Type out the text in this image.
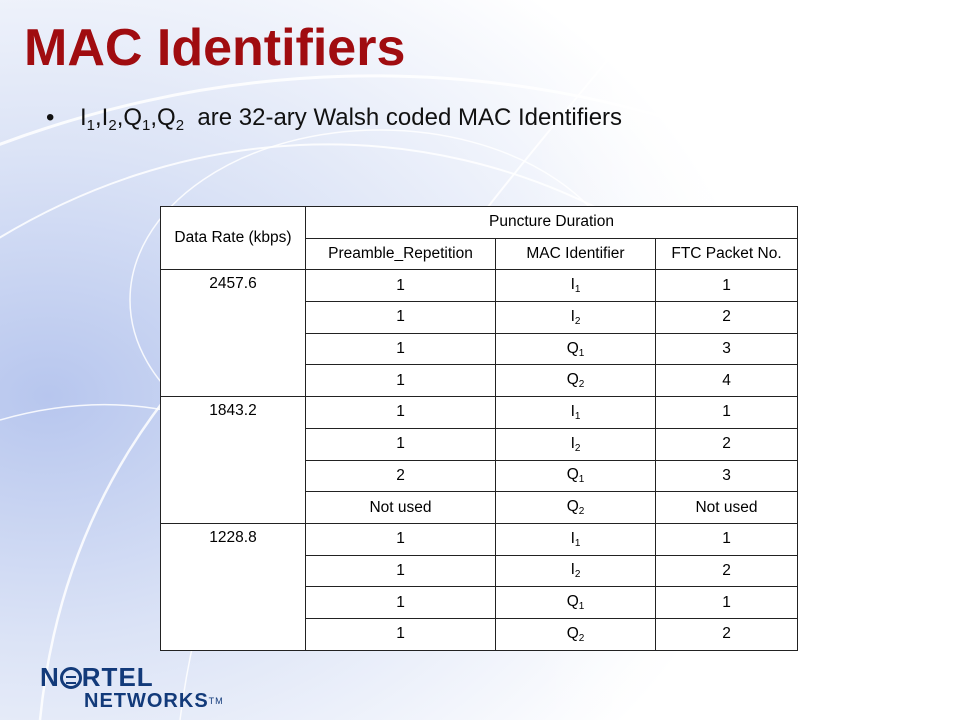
MAC Identifiers
• $I_1,I_2,Q_1,Q_2$  are 32-ary Walsh coded MAC Identifiers
Data Rate (kbps)	Puncture Duration		
	Preamble_Repetition	MAC Identifier	FTC Packet No.
2457.6	1	$I_1$	1
	1	$I_2$	2
	1	$Q_1$	3
	1	$Q_2$	4
1843.2	1	$I_1$	1
	1	$I_2$	2
	2	$Q_1$	3
	Not used	$Q_2$	Not used
1228.8	1	$I_1$	1
	1	$I_2$	2
	1	$Q_1$	1
	1	$Q_2$	2
N RTEL
NETWORKS™
